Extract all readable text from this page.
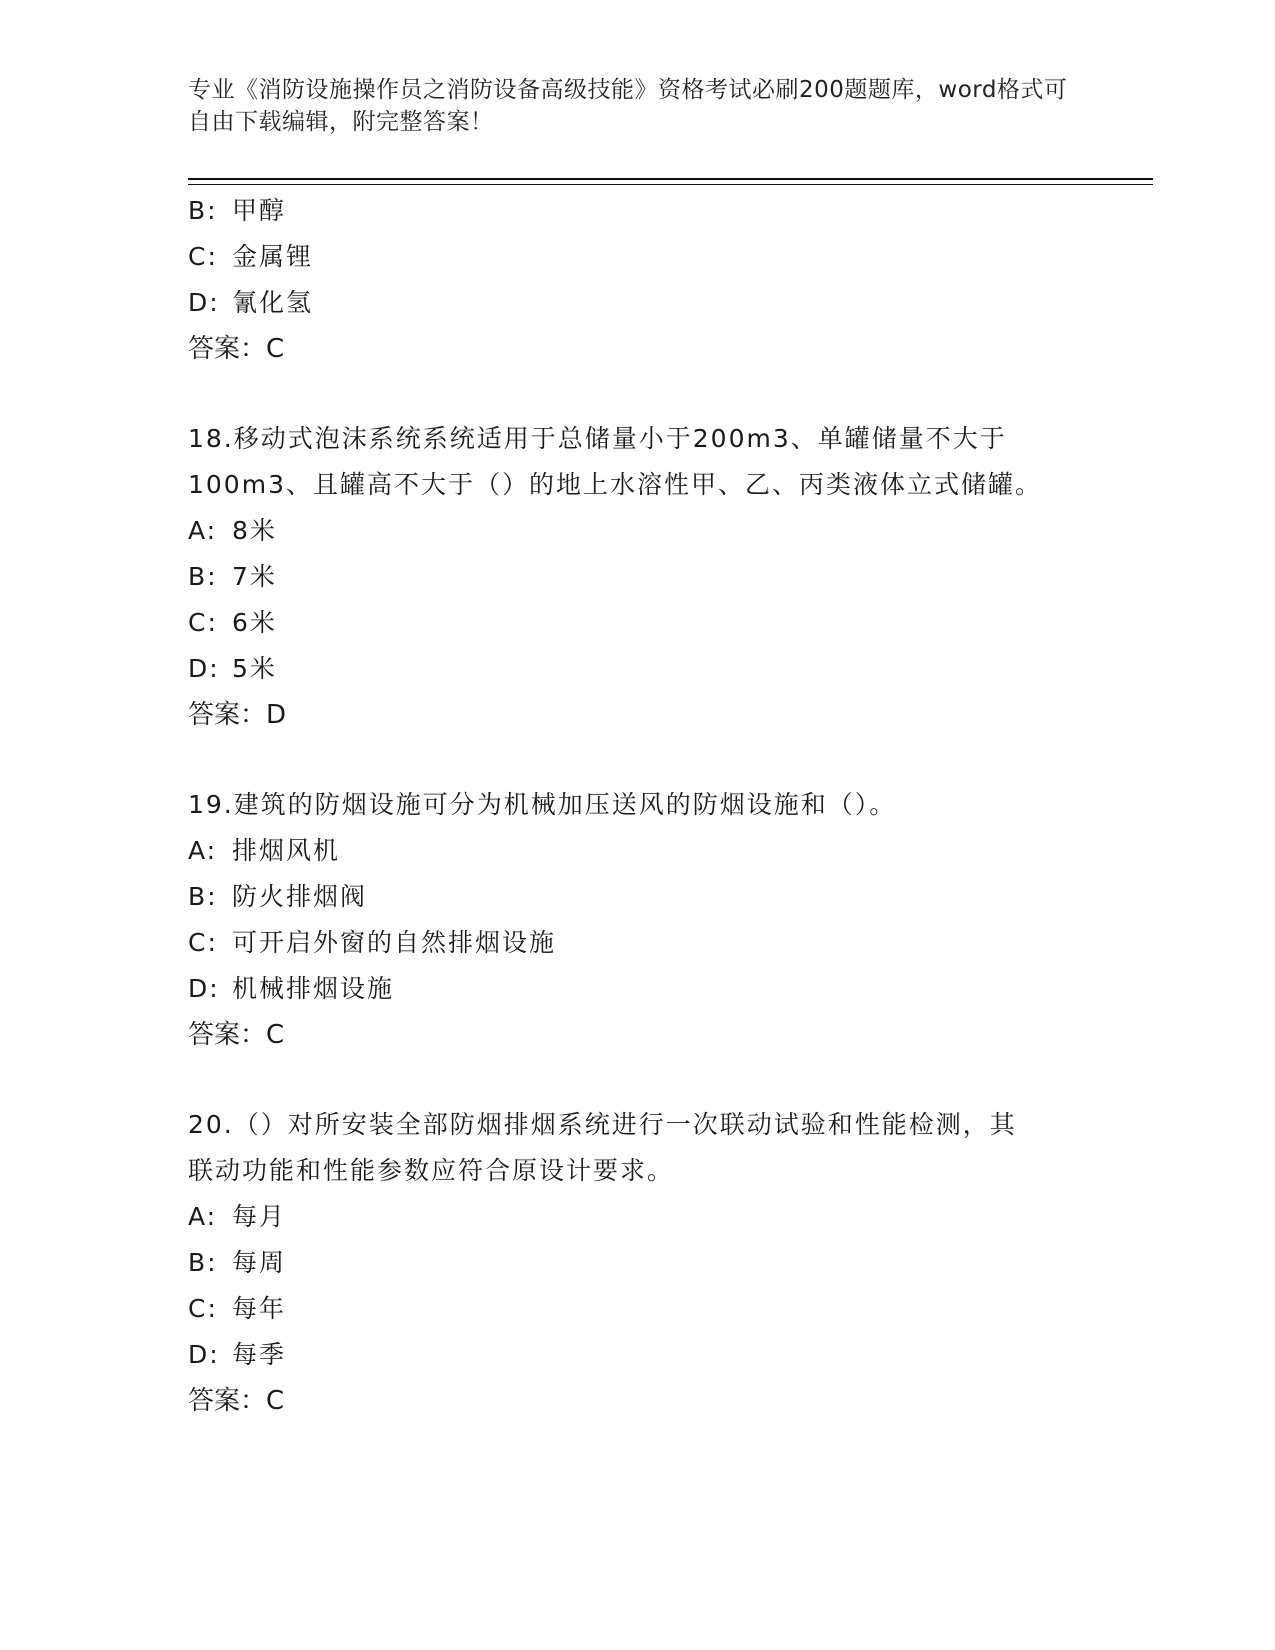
专业《消防设施操作员之消防设备高级技能》资格考试必刷200题题库，word格式可自由下载编辑，附完整答案！
B: 甲醇
C: 金属锂
D: 氰化氢
答案：C
18.移动式泡沫系统系统适用于总储量小于200m3、单罐储量不大于
100m3、且罐高不大于（）的地上水溶性甲、乙、丙类液体立式储罐。
A: 8米
B: 7米
C: 6米
D: 5米
答案：D
19.建筑的防烟设施可分为机械加压送风的防烟设施和（）。
A: 排烟风机
B: 防火排烟阀
C: 可开启外窗的自然排烟设施
D: 机械排烟设施
答案：C
20.（）对所安装全部防烟排烟系统进行一次联动试验和性能检测，其
联动功能和性能参数应符合原设计要求。
A: 每月
B: 每周
C: 每年
D: 每季
答案：C
